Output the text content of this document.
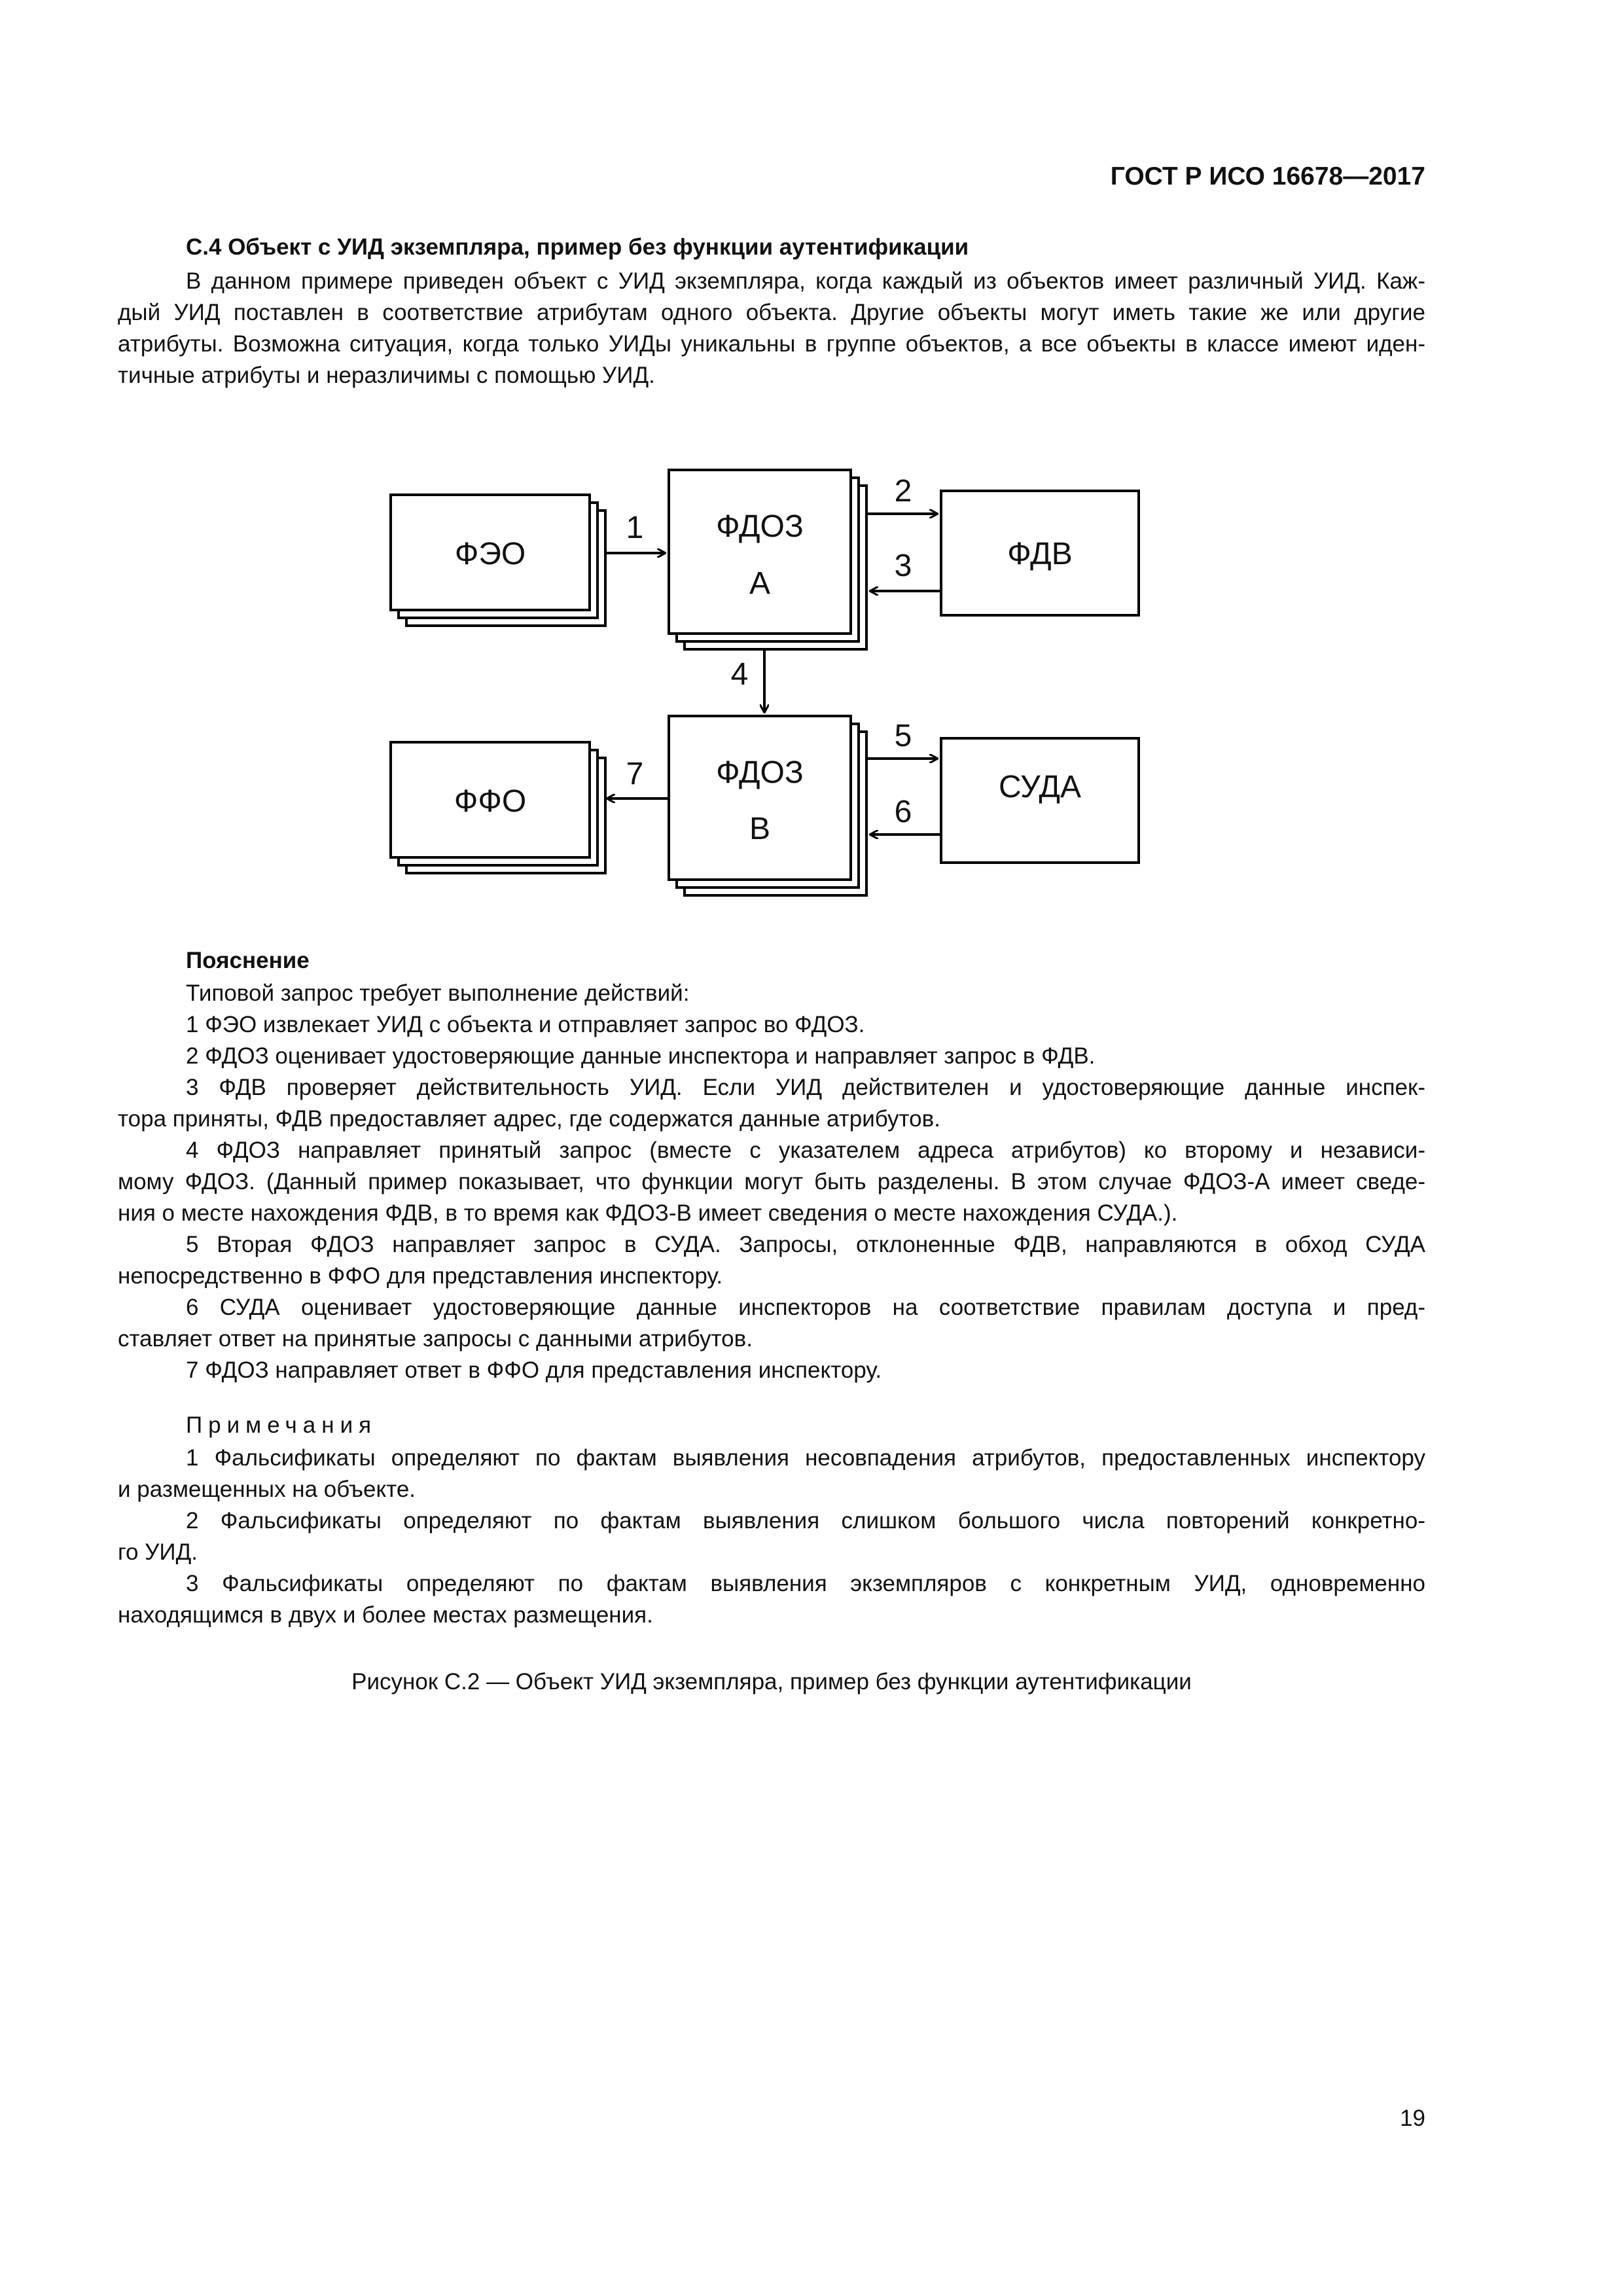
ГОСТ Р ИСО 16678—2017
С.4 Объект с УИД экземпляра, пример без функции аутентификации
В данном примере приведен объект с УИД экземпляра, когда каждый из объектов имеет различный УИД. Каж-
дый УИД поставлен в соответствие атрибутам одного объекта. Другие объекты могут иметь такие же или другие
атрибуты. Возможна ситуация, когда только УИДы уникальны в группе объектов, а все объекты в классе имеют иден-
тичные атрибуты и неразличимы с помощью УИД.
ФЭО
ФДОЗ
А
ФДВ
ФФО
ФДОЗ
В
СУДА
1
2
3
4
5
6
7
Пояснение
Типовой запрос требует выполнение действий:
1 ФЭО извлекает УИД с объекта и отправляет запрос во ФДОЗ.
2 ФДОЗ оценивает удостоверяющие данные инспектора и направляет запрос в ФДВ.
3 ФДВ проверяет действительность УИД. Если УИД действителен и удостоверяющие данные инспек-
тора приняты, ФДВ предоставляет адрес, где содержатся данные атрибутов.
4 ФДОЗ направляет принятый запрос (вместе с указателем адреса атрибутов) ко второму и независи-
мому ФДОЗ. (Данный пример показывает, что функции могут быть разделены. В этом случае ФДОЗ-А имеет сведе-
ния о месте нахождения ФДВ, в то время как ФДОЗ-В имеет сведения о месте нахождения СУДА.).
5 Вторая ФДОЗ направляет запрос в СУДА. Запросы, отклоненные ФДВ, направляются в обход СУДА
непосредственно в ФФО для представления инспектору.
6 СУДА оценивает удостоверяющие данные инспекторов на соответствие правилам доступа и пред-
ставляет ответ на принятые запросы с данными атрибутов.
7 ФДОЗ направляет ответ в ФФО для представления инспектору.
Примечания
1 Фальсификаты определяют по фактам выявления несовпадения атрибутов, предоставленных инспектору
и размещенных на объекте.
2 Фальсификаты определяют по фактам выявления слишком большого числа повторений конкретно-
го УИД.
3 Фальсификаты определяют по фактам выявления экземпляров с конкретным УИД, одновременно
находящимся в двух и более местах размещения.
Рисунок С.2 — Объект УИД экземпляра, пример без функции аутентификации
19
